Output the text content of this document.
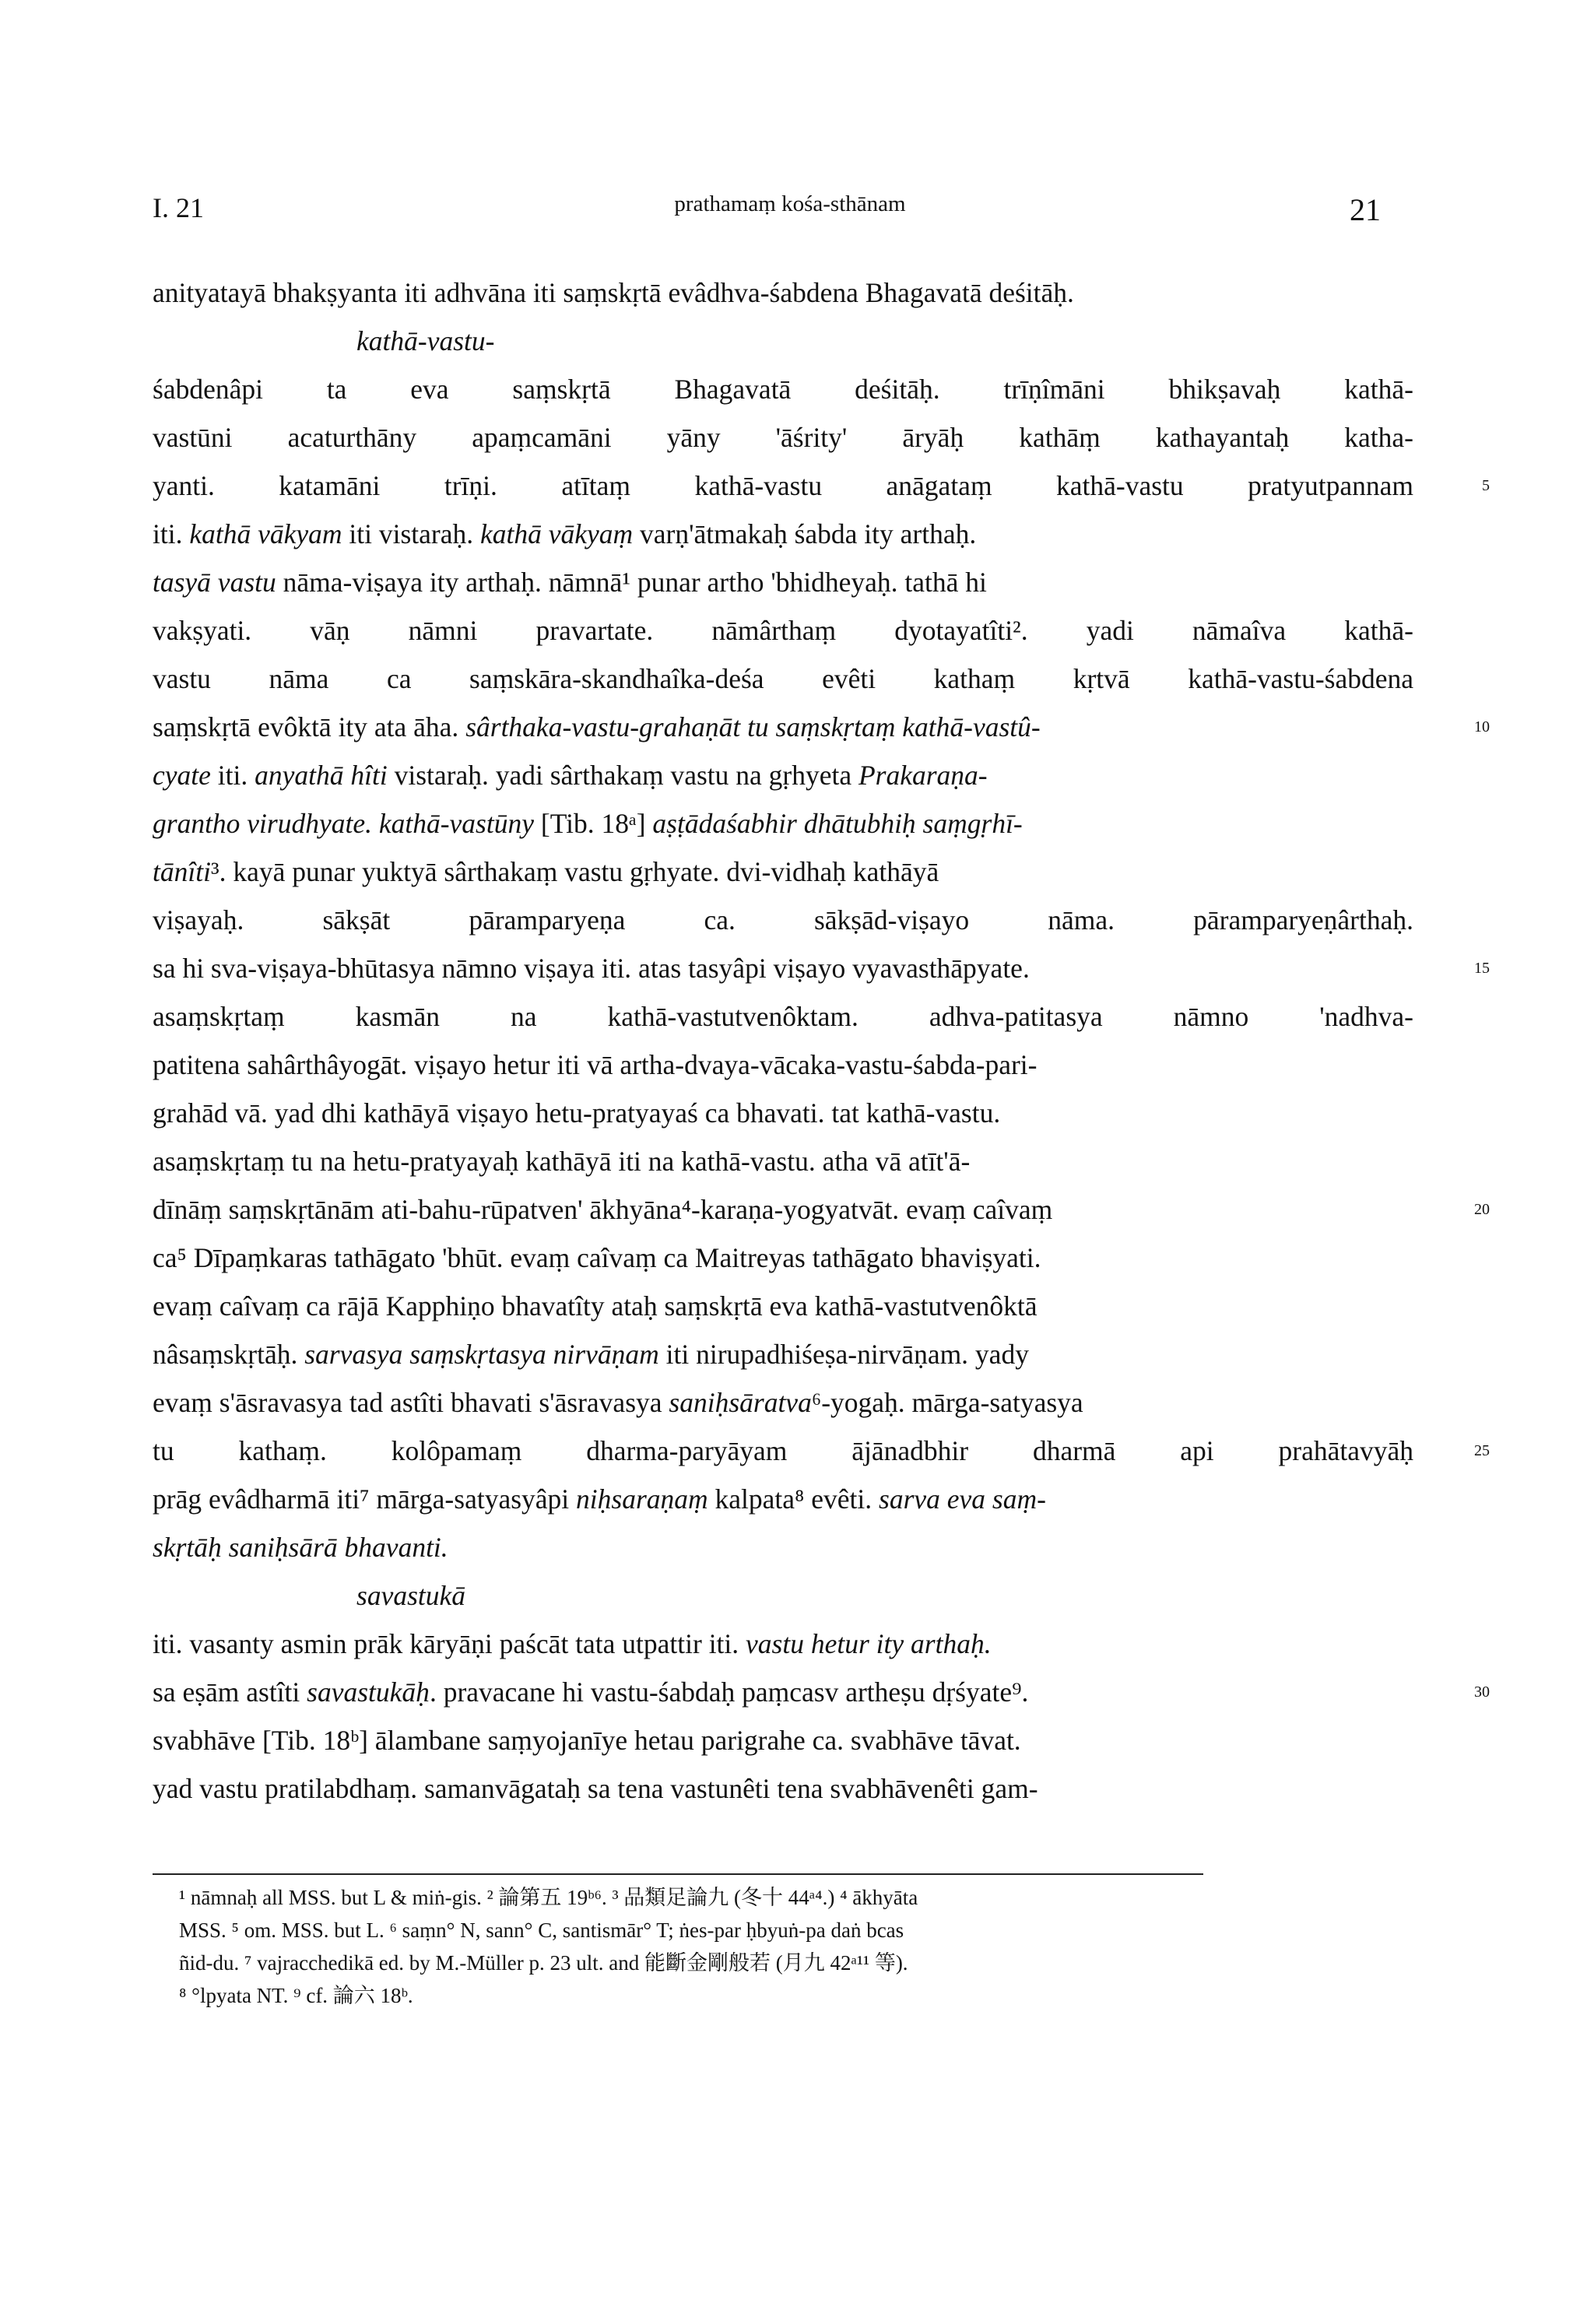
I. 21	prathamaṃ kośa-sthānam	21
anityatayā bhakṣyanta iti adhvāna iti saṃskṛtā evâdhva-śabdena Bhagavatā deśitāḥ.
kathā-vastu-
śabdenâpi ta eva saṃskṛtā Bhagavatā deśitāḥ. trīṇîmāni bhikṣavaḥ kathā-
vastūni acaturthāny apaṃcamāni yāny 'āśrity' āryāḥ kathāṃ kathayantaḥ katha-
yanti. katamāni trīṇi. atītaṃ kathā-vastu anāgataṃ kathā-vastu pratyutpannam	5
iti. kathā vākyam iti vistaraḥ. kathā vākyaṃ varṇ'ātmakaḥ śabda ity arthaḥ.
tasyā vastu nāma-viṣaya ity arthaḥ. nāmnā¹ punar artho 'bhidheyaḥ. tathā hi
vakṣyati. vāṇ nāmni pravartate. nāmârthaṃ dyotayatîti². yadi nāmaîva kathā-
vastu nāma ca saṃskāra-skandhaîka-deśa evêti kathaṃ kṛtvā kathā-vastu-śabdena
saṃskṛtā evôktā ity ata āha. sârthaka-vastu-grahaṇāt tu saṃskṛtaṃ kathā-vastû-	10
cyate iti. anyathā hîti vistaraḥ. yadi sârthakaṃ vastu na gṛhyeta Prakaraṇa-
grantho virudhyate. kathā-vastūny [Tib. 18ᵃ] aṣṭādaśabhir dhātubhiḥ saṃgṛhī-
tānîti³. kayā punar yuktyā sârthakaṃ vastu gṛhyate. dvi-vidhaḥ kathāyā
viṣayaḥ. sākṣāt pāramparyeṇa ca. sākṣād-viṣayo nāma. pāramparyeṇârthaḥ.
sa hi sva-viṣaya-bhūtasya nāmno viṣaya iti. atas tasyâpi viṣayo vyavasthāpyate.	15
asaṃskṛtaṃ kasmān na kathā-vastutvenôktam. adhva-patitasya nāmno 'nadhva-
patitena sahârthâyogāt. viṣayo hetur iti vā artha-dvaya-vācaka-vastu-śabda-pari-
grahād vā. yad dhi kathāyā viṣayo hetu-pratyayaś ca bhavati. tat kathā-vastu.
asaṃskṛtaṃ tu na hetu-pratyayaḥ kathāyā iti na kathā-vastu. atha vā atīt'ā-
dīnāṃ saṃskṛtānām ati-bahu-rūpatven' ākhyāna⁴-karaṇa-yogyatvāt. evaṃ caîvaṃ	20
ca⁵ Dīpaṃkaras tathāgato 'bhūt. evaṃ caîvaṃ ca Maitreyas tathāgato bhaviṣyati.
evaṃ caîvaṃ ca rājā Kapphiṇo bhavatîty ataḥ saṃskṛtā eva kathā-vastutvenôktā
nâsaṃskṛtāḥ. sarvasya saṃskṛtasya nirvāṇam iti nirupadhiśeṣa-nirvāṇam. yady
evaṃ s'āsravasya tad astîti bhavati s'āsravasya saniḥsāratva⁶-yogaḥ. mārga-satyasya
tu kathaṃ. kolôpamaṃ dharma-paryāyam ājānadbhir dharmā api prahātavyāḥ	25
prāg evâdharmā iti⁷ mārga-satyasyâpi niḥsaraṇaṃ kalpata⁸ evêti. sarva eva saṃ-
skṛtāḥ saniḥsārā bhavanti.
savastukā
iti. vasanty asmin prāk kāryāṇi paścāt tata utpattir iti. vastu hetur ity arthaḥ.
sa eṣām astîti savastukāḥ. pravacane hi vastu-śabdaḥ paṃcasv artheṣu dṛśyate⁹.	30
svabhāve [Tib. 18ᵇ] ālambane saṃyojanīye hetau parigrahe ca. svabhāve tāvat.
yad vastu pratilabdhaṃ. samanvāgataḥ sa tena vastunêti tena svabhāvenêti gam-
¹ nāmnaḥ all MSS. but L & miṅ-gis. ² 論第五 19ᵇ⁶. ³ 品類足論九 (冬十 44ᵃ⁴.) ⁴ ākhyāta
MSS. ⁵ om. MSS. but L. ⁶ saṃn° N, sann° C, santismār° T; ṅes-par ḥbyuṅ-pa daṅ bcas
ñid-du. ⁷ vajracchedikā ed. by M.-Müller p. 23 ult. and 能斷金剛般若 (月九 42ᵃ¹¹ 等).
⁸ °lpyata NT. ⁹ cf. 論六 18ᵇ.
